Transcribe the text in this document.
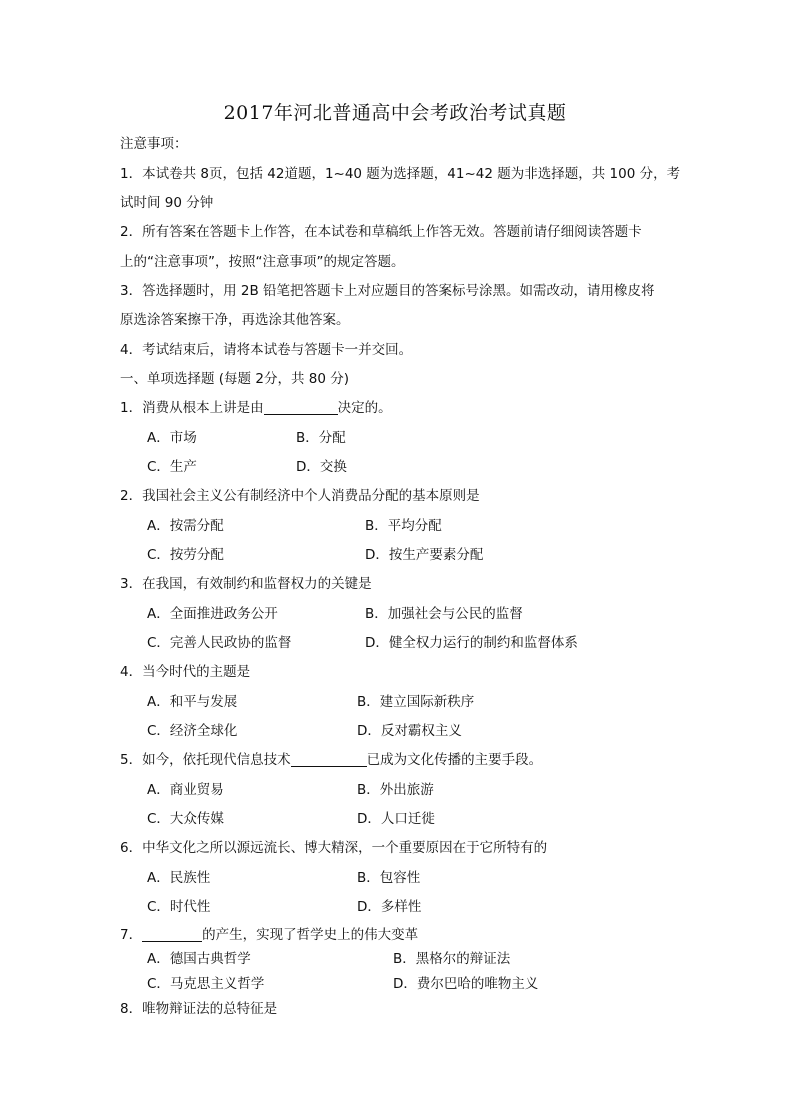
2017年河北普通高中会考政治考试真题
注意事项：
1．本试卷共 8页，包括 42道题，1~40 题为选择题，41~42 题为非选择题，共 100 分，考
试时间 90 分钟
2．所有答案在答题卡上作答，在本试卷和草稿纸上作答无效。答题前请仔细阅读答题卡
上的“注意事项”，按照“注意事项”的规定答题。
3．答选择题时，用 2B 铅笔把答题卡上对应题目的答案标号涂黑。如需改动，请用橡皮将
原选涂答案擦干净，再选涂其他答案。
4．考试结束后，请将本试卷与答题卡一并交回。
一、单项选择题 (每题 2分，共 80 分)
1．消费从根本上讲是由	决定的。
A．市场	B．分配
C．生产	D．交换
2．我国社会主义公有制经济中个人消费品分配的基本原则是
A．按需分配	B．平均分配
C．按劳分配	D．按生产要素分配
3．在我国，有效制约和监督权力的关键是
A．全面推进政务公开	B．加强社会与公民的监督
C．完善人民政协的监督	D．健全权力运行的制约和监督体系
4．当今时代的主题是
A．和平与发展	B．建立国际新秩序
C．经济全球化	D．反对霸权主义
5．如今，依托现代信息技术	已成为文化传播的主要手段。
A．商业贸易	B．外出旅游
C．大众传媒	D．人口迁徙
6．中华文化之所以源远流长、博大精深，一个重要原因在于它所特有的
A．民族性	B．包容性
C．时代性	D．多样性
7．	的产生，实现了哲学史上的伟大变革
A．德国古典哲学	B．黑格尔的辩证法
C．马克思主义哲学	D．费尔巴哈的唯物主义
8．唯物辩证法的总特征是
